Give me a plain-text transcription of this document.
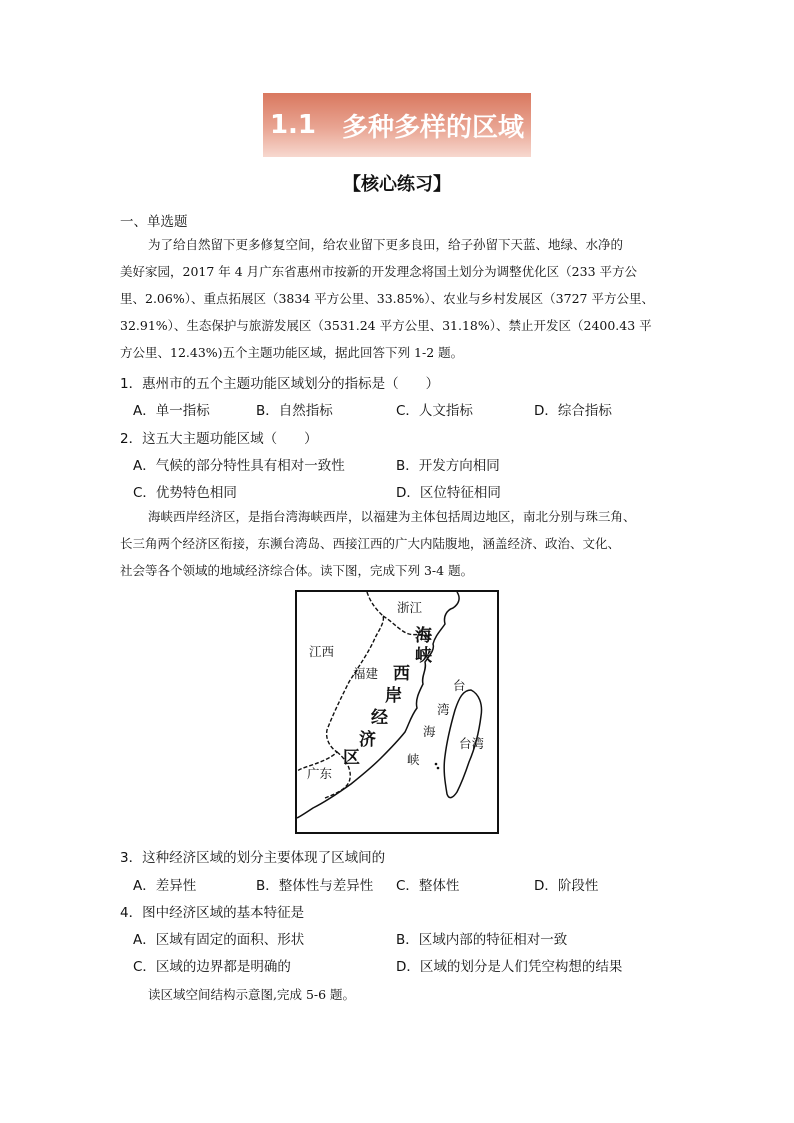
1.1 多种多样的区域
【核心练习】
一、单选题
为了给自然留下更多修复空间，给农业留下更多良田，给子孙留下天蓝、地绿、水净的
美好家园，2017 年 4 月广东省惠州市按新的开发理念将国土划分为调整优化区（233 平方公
里、2.06%）、重点拓展区（3834 平方公里、33.85%）、农业与乡村发展区（3727 平方公里、
32.91%）、生态保护与旅游发展区（3531.24 平方公里、31.18%）、禁止开发区（2400.43 平
方公里、12.43%)五个主题功能区域，据此回答下列 1-2 题。
1．惠州市的五个主题功能区域划分的指标是（　　）
A．单一指标	B．自然指标	C．人文指标	D．综合指标
2．这五大主题功能区域（　　）
A．气候的部分特性具有相对一致性	B．开发方向相同
C．优势特色相同	D．区位特征相同
海峡西岸经济区，是指台湾海峡西岸，以福建为主体包括周边地区，南北分别与珠三角、
长三角两个经济区衔接，东濒台湾岛、西接江西的广大内陆腹地，涵盖经济、政治、文化、
社会等各个领域的地域经济综合体。读下图，完成下列 3-4 题。
浙江
江西
福建
广东
台湾
海
峡
西
岸
经
济
区
台
湾
海
峡
3．这种经济区域的划分主要体现了区域间的
A．差异性	B．整体性与差异性 C．整体性	D．阶段性
4．图中经济区域的基本特征是
A．区域有固定的面积、形状	B．区域内部的特征相对一致
C．区域的边界都是明确的	D．区域的划分是人们凭空构想的结果
读区域空间结构示意图,完成 5-6 题。
